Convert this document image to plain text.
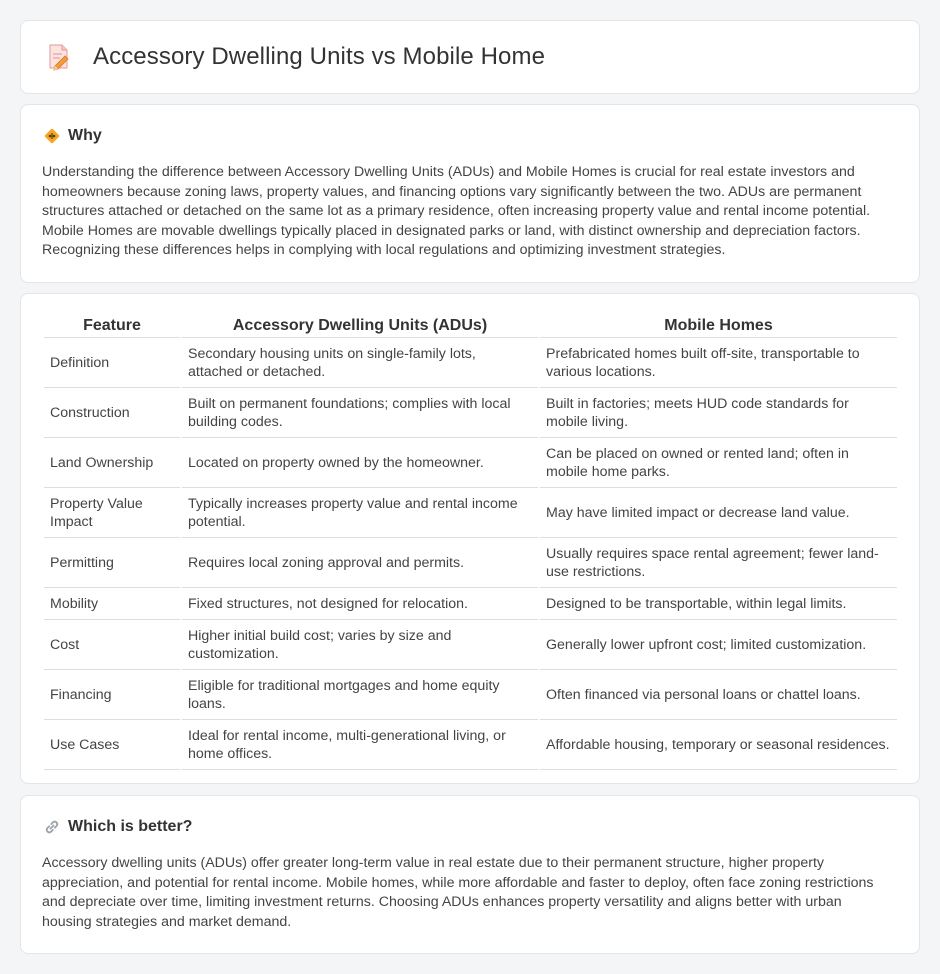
Accessory Dwelling Units vs Mobile Home
Why

Understanding the difference between Accessory Dwelling Units (ADUs) and Mobile Homes is crucial for real estate investors and homeowners because zoning laws, property values, and financing options vary significantly between the two. ADUs are permanent structures attached or detached on the same lot as a primary residence, often increasing property value and rental income potential. Mobile Homes are movable dwellings typically placed in designated parks or land, with distinct ownership and depreciation factors. Recognizing these differences helps in complying with local regulations and optimizing investment strategies.

Feature	Accessory Dwelling Units (ADUs)	Mobile Homes
Definition	Secondary housing units on single-family lots, attached or detached.	Prefabricated homes built off-site, transportable to various locations.
Construction	Built on permanent foundations; complies with local building codes.	Built in factories; meets HUD code standards for mobile living.
Land Ownership	Located on property owned by the homeowner.	Can be placed on owned or rented land; often in mobile home parks.
Property Value Impact	Typically increases property value and rental income potential.	May have limited impact or decrease land value.
Permitting	Requires local zoning approval and permits.	Usually requires space rental agreement; fewer land-use restrictions.
Mobility	Fixed structures, not designed for relocation.	Designed to be transportable, within legal limits.
Cost	Higher initial build cost; varies by size and customization.	Generally lower upfront cost; limited customization.
Financing	Eligible for traditional mortgages and home equity loans.	Often financed via personal loans or chattel loans.
Use Cases	Ideal for rental income, multi-generational living, or home offices.	Affordable housing, temporary or seasonal residences.
Which is better?

Accessory dwelling units (ADUs) offer greater long-term value in real estate due to their permanent structure, higher property appreciation, and potential for rental income. Mobile homes, while more affordable and faster to deploy, often face zoning restrictions and depreciate over time, limiting investment returns. Choosing ADUs enhances property versatility and aligns better with urban housing strategies and market demand.
